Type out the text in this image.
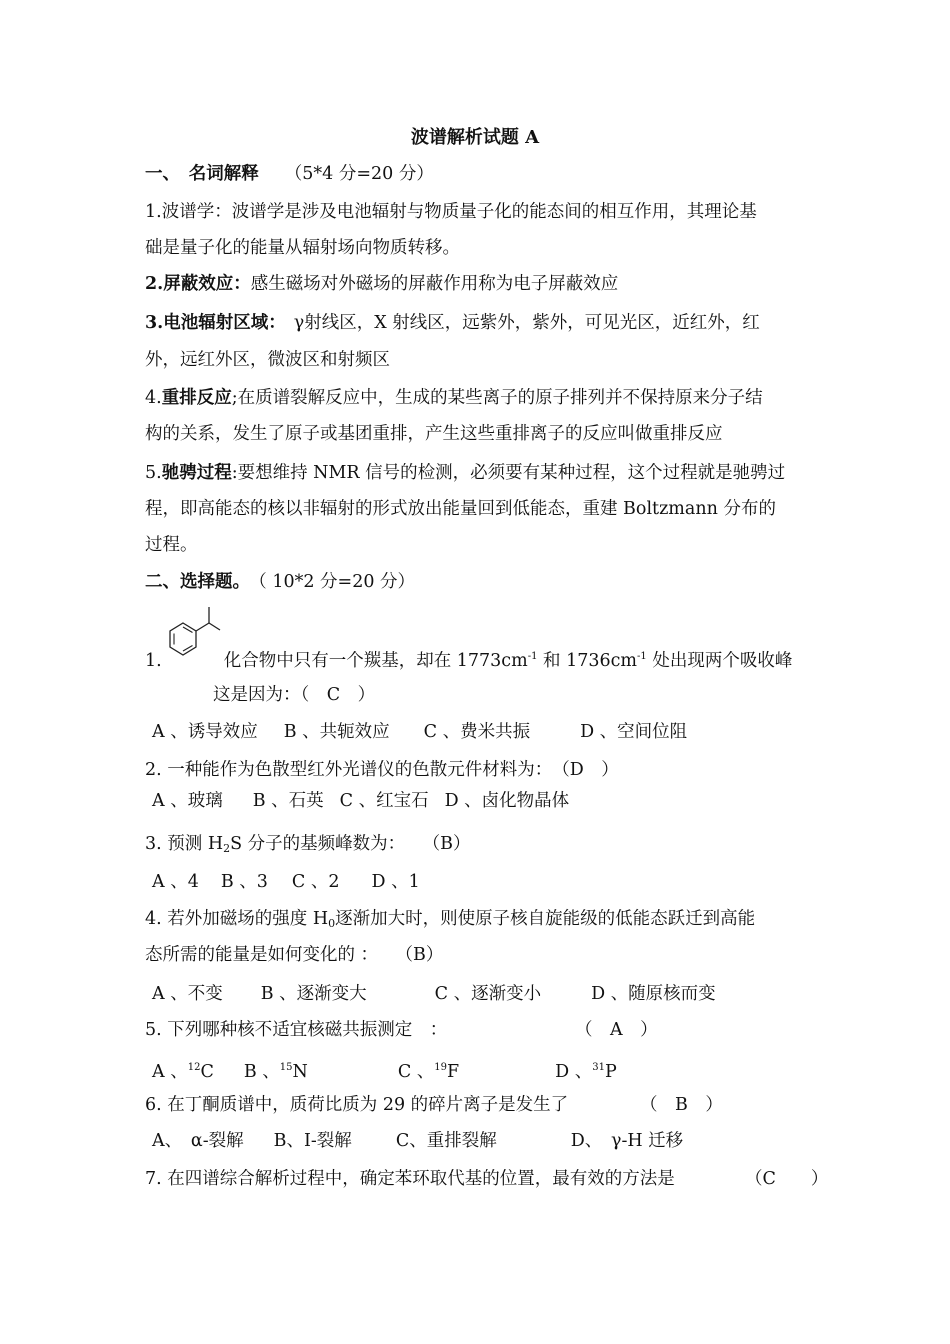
波谱解析试题 A
一、　名词解释 （5*4 分=20 分）
1.波谱学：波谱学是涉及电池辐射与物质量子化的能态间的相互作用，其理论基
础是量子化的能量从辐射场向物质转移。
2.屏蔽效应：感生磁场对外磁场的屏蔽作用称为电子屏蔽效应
3.电池辐射区域： γ射线区，X 射线区，远紫外，紫外，可见光区，近红外，红
外，远红外区，微波区和射频区
4.重排反应;在质谱裂解反应中，生成的某些离子的原子排列并不保持原来分子结
构的关系，发生了原子或基团重排，产生这些重排离子的反应叫做重排反应
5.驰骋过程:要想维持 NMR 信号的检测，必须要有某种过程，这个过程就是驰骋过
程，即高能态的核以非辐射的形式放出能量回到低能态，重建 Boltzmann 分布的
过程。
二、选择题。 （ 10*2 分=20 分）
1.	化合物中只有一个羰基，却在 $1773cm^{-1}$ 和 $1736cm^{-1}$ 处出现两个吸收峰
这是因为：（　C　）
A 、诱导效应 B 、共轭效应 C 、费米共振	D 、空间位阻
2. 一种能作为色散型红外光谱仪的色散元件材料为：　（D　）
A 、玻璃 B 、石英 C 、红宝石 D 、卤化物晶体
3. 预测 $H_2S$ 分子的基频峰数为：　　（B）
A 、4 B 、3 C 、2 D 、1
4. 若外加磁场的强度 $H_0$逐渐加大时，则使原子核自旋能级的低能态跃迁到高能
态所需的能量是如何变化的 ：　　（B）
A 、不变 B 、逐渐变大	C 、逐渐变小	D 、随原核而变
5. 下列哪种核不适宜核磁共振测定　：	（　A　）
A 、$^{12}$C B 、$^{15}$N	C 、$^{19}$F	D 、$^{31}$P
6. 在丁酮质谱中，质荷比质为 29 的碎片离子是发生了	（　B　）
A、　α-裂解 B、I-裂解	C、重排裂解	D、　γ-H 迁移
7. 在四谱综合解析过程中，确定苯环取代基的位置，最有效的方法是	（C　　）
